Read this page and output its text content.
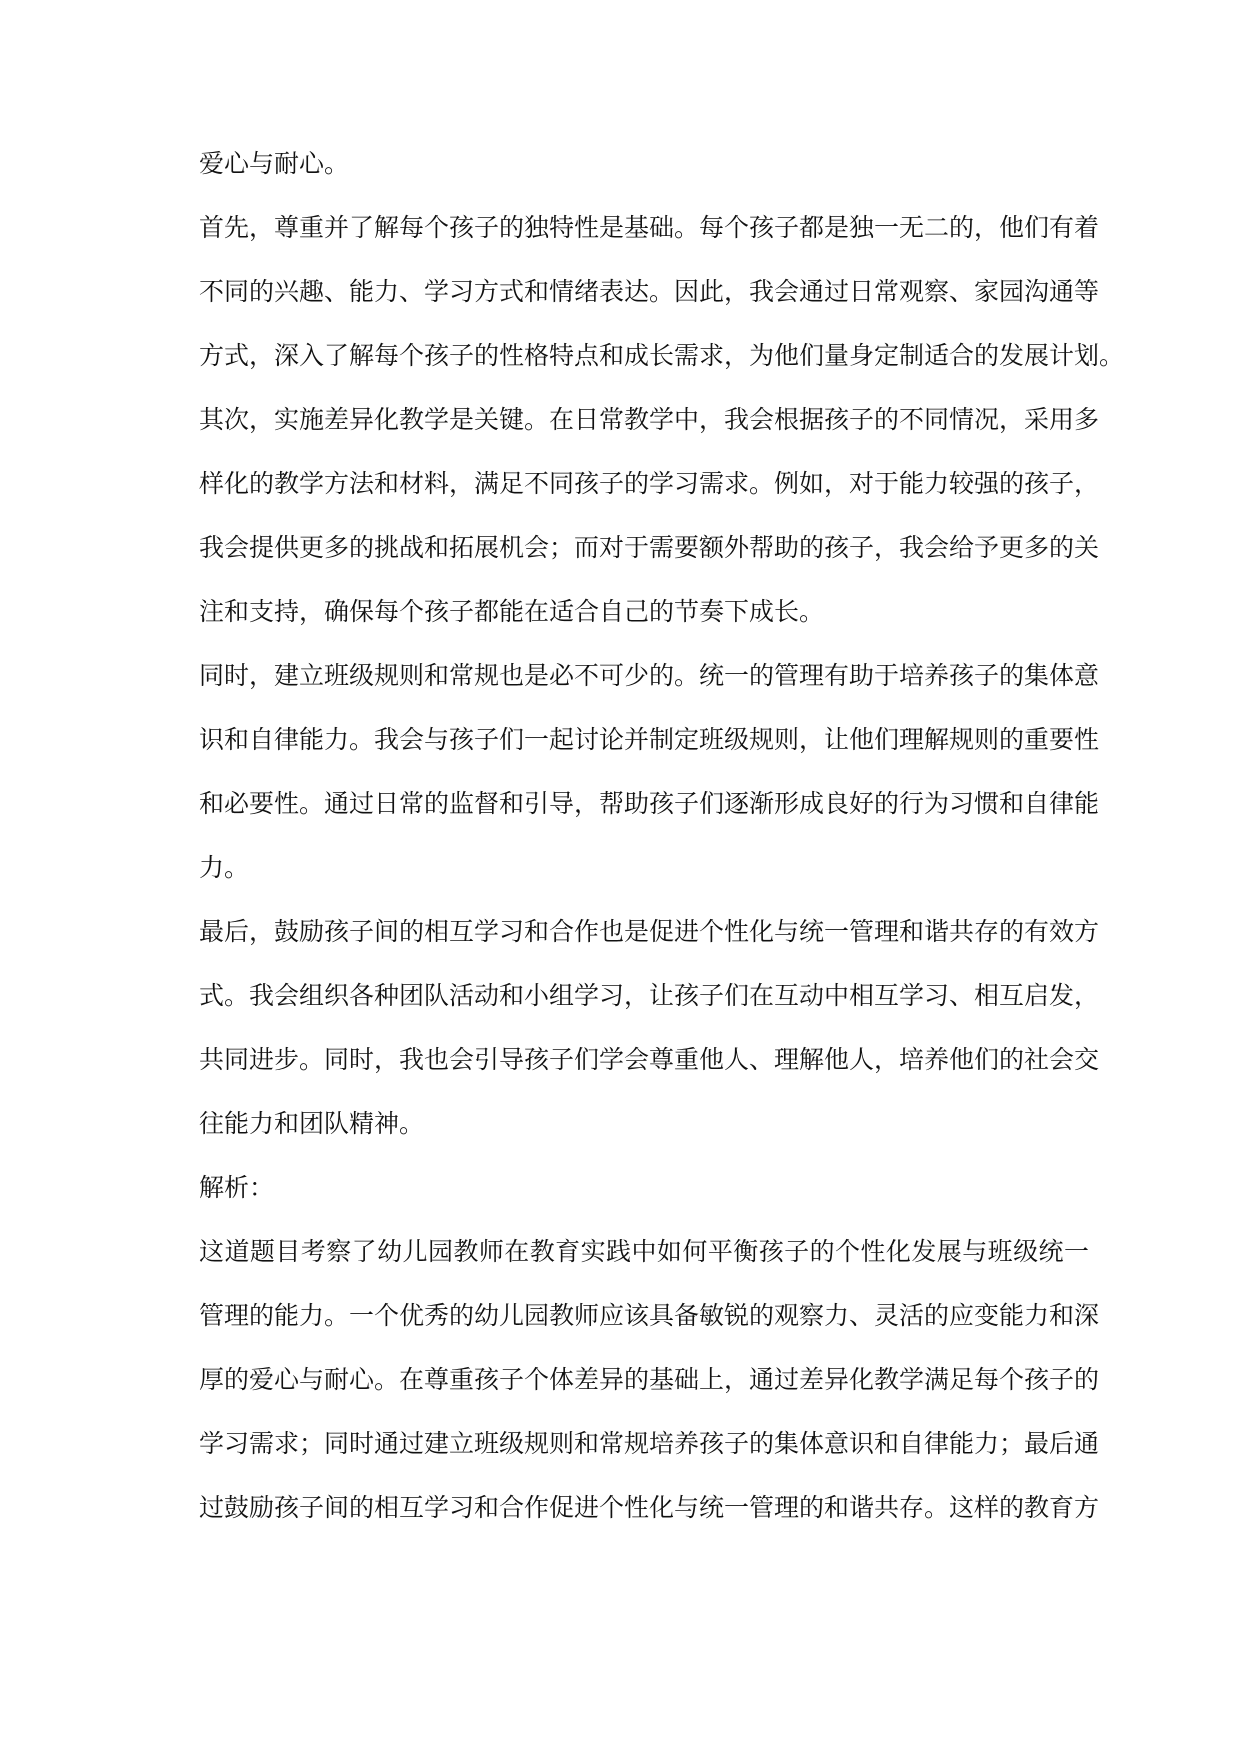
爱心与耐心。
首先，尊重并了解每个孩子的独特性是基础。每个孩子都是独一无二的，他们有着
不同的兴趣、能力、学习方式和情绪表达。因此，我会通过日常观察、家园沟通等
方式，深入了解每个孩子的性格特点和成长需求，为他们量身定制适合的发展计划。
其次，实施差异化教学是关键。在日常教学中，我会根据孩子的不同情况，采用多
样化的教学方法和材料，满足不同孩子的学习需求。例如，对于能力较强的孩子，
我会提供更多的挑战和拓展机会；而对于需要额外帮助的孩子，我会给予更多的关
注和支持，确保每个孩子都能在适合自己的节奏下成长。
同时，建立班级规则和常规也是必不可少的。统一的管理有助于培养孩子的集体意
识和自律能力。我会与孩子们一起讨论并制定班级规则，让他们理解规则的重要性
和必要性。通过日常的监督和引导，帮助孩子们逐渐形成良好的行为习惯和自律能
力。
最后，鼓励孩子间的相互学习和合作也是促进个性化与统一管理和谐共存的有效方
式。我会组织各种团队活动和小组学习，让孩子们在互动中相互学习、相互启发，
共同进步。同时，我也会引导孩子们学会尊重他人、理解他人，培养他们的社会交
往能力和团队精神。
解析：
这道题目考察了幼儿园教师在教育实践中如何平衡孩子的个性化发展与班级统一
管理的能力。一个优秀的幼儿园教师应该具备敏锐的观察力、灵活的应变能力和深
厚的爱心与耐心。在尊重孩子个体差异的基础上，通过差异化教学满足每个孩子的
学习需求；同时通过建立班级规则和常规培养孩子的集体意识和自律能力；最后通
过鼓励孩子间的相互学习和合作促进个性化与统一管理的和谐共存。这样的教育方
